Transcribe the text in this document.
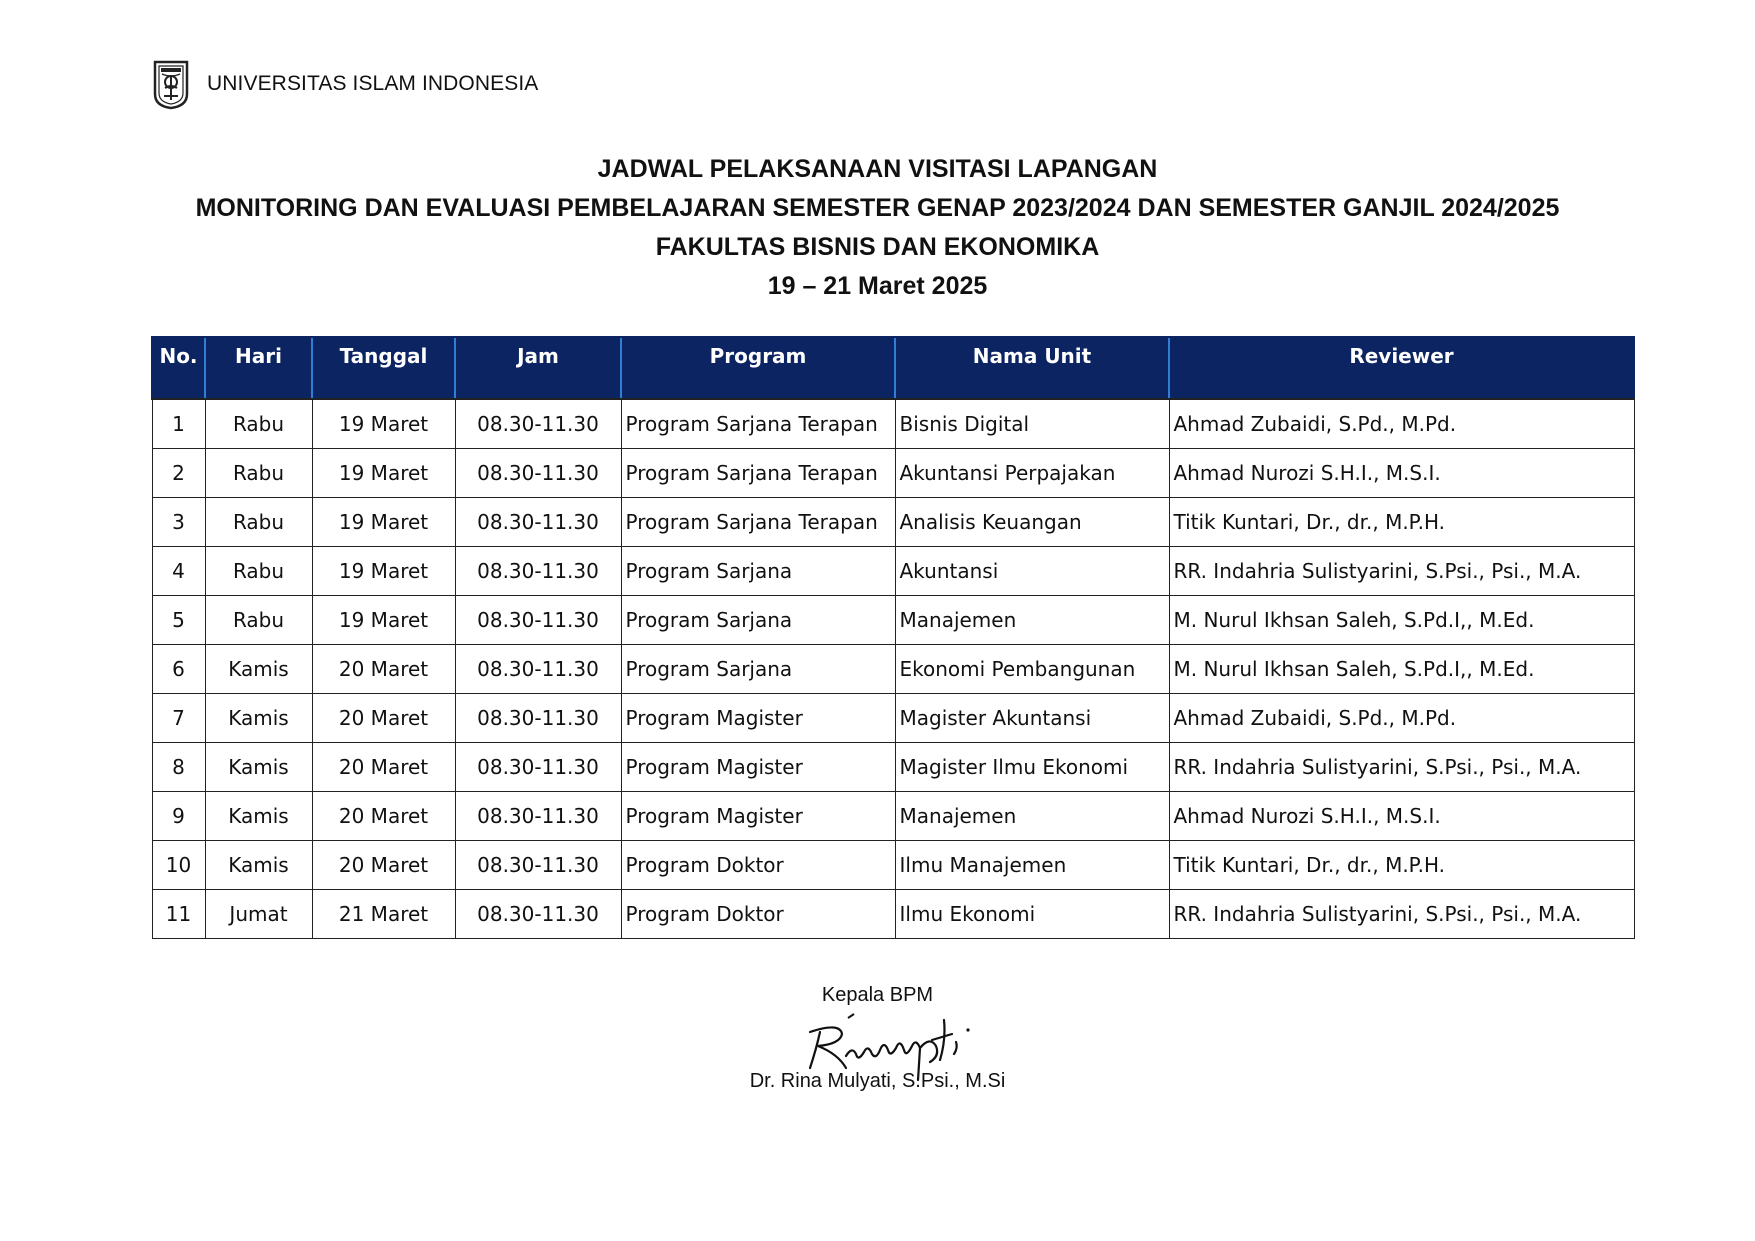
UNIVERSITAS ISLAM INDONESIA
JADWAL PELAKSANAAN VISITASI LAPANGAN
MONITORING DAN EVALUASI PEMBELAJARAN SEMESTER GENAP 2023/2024 DAN SEMESTER GANJIL 2024/2025
FAKULTAS BISNIS DAN EKONOMIKA
19 – 21 Maret 2025
No.	Hari	Tanggal	Jam	Program	Nama Unit	Reviewer
1	Rabu	19 Maret	08.30-11.30	Program Sarjana Terapan	Bisnis Digital	Ahmad Zubaidi, S.Pd., M.Pd.
2	Rabu	19 Maret	08.30-11.30	Program Sarjana Terapan	Akuntansi Perpajakan	Ahmad Nurozi S.H.I., M.S.I.
3	Rabu	19 Maret	08.30-11.30	Program Sarjana Terapan	Analisis Keuangan	Titik Kuntari, Dr., dr., M.P.H.
4	Rabu	19 Maret	08.30-11.30	Program Sarjana	Akuntansi	RR. Indahria Sulistyarini, S.Psi., Psi., M.A.
5	Rabu	19 Maret	08.30-11.30	Program Sarjana	Manajemen	M. Nurul Ikhsan Saleh, S.Pd.I,, M.Ed.
6	Kamis	20 Maret	08.30-11.30	Program Sarjana	Ekonomi Pembangunan	M. Nurul Ikhsan Saleh, S.Pd.I,, M.Ed.
7	Kamis	20 Maret	08.30-11.30	Program Magister	Magister Akuntansi	Ahmad Zubaidi, S.Pd., M.Pd.
8	Kamis	20 Maret	08.30-11.30	Program Magister	Magister Ilmu Ekonomi	RR. Indahria Sulistyarini, S.Psi., Psi., M.A.
9	Kamis	20 Maret	08.30-11.30	Program Magister	Manajemen	Ahmad Nurozi S.H.I., M.S.I.
10	Kamis	20 Maret	08.30-11.30	Program Doktor	Ilmu Manajemen	Titik Kuntari, Dr., dr., M.P.H.
11	Jumat	21 Maret	08.30-11.30	Program Doktor	Ilmu Ekonomi	RR. Indahria Sulistyarini, S.Psi., Psi., M.A.
Kepala BPM
Dr. Rina Mulyati, S.Psi., M.Si
